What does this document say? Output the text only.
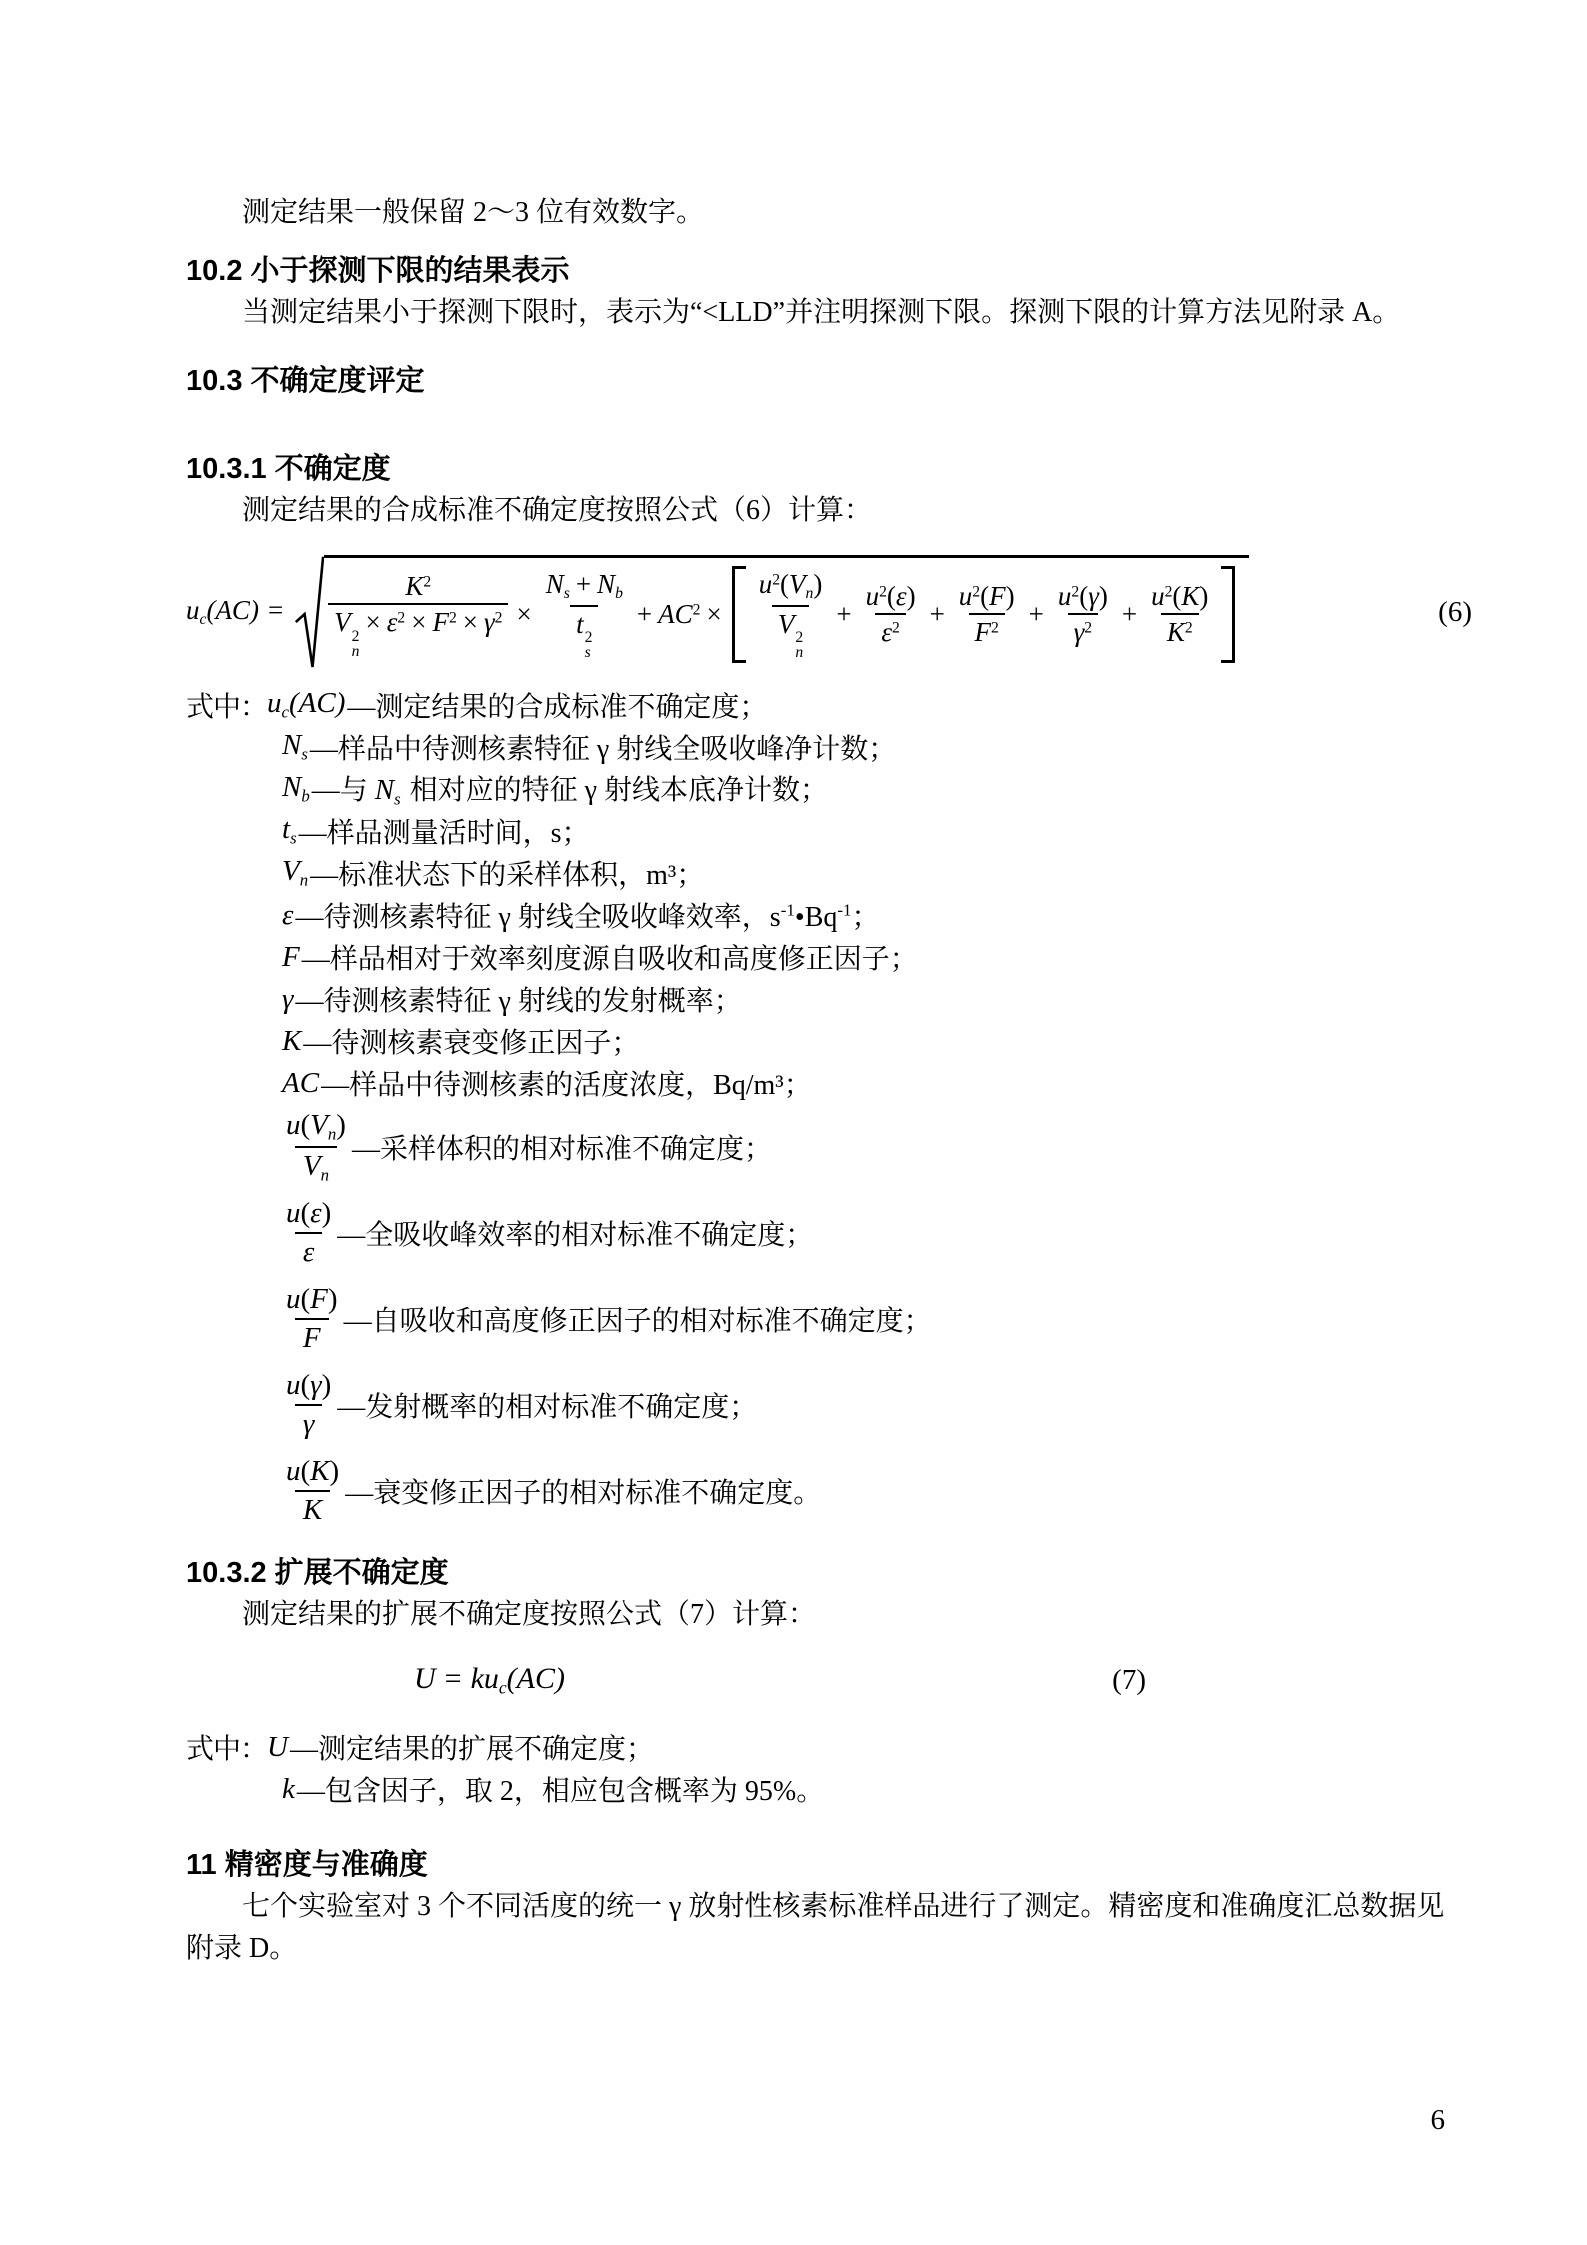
测定结果一般保留 2～3 位有效数字。

10.2 小于探测下限的结果表示

当测定结果小于探测下限时，表示为“<LLD”并注明探测下限。探测下限的计算方法见附录 A。

10.3 不确定度评定
10.3.1 不确定度

测定结果的合成标准不确定度按照公式（6）计算：

uc(AC) =	$K^2$
V 2
n
× $\varepsilon^2 \times F^2 \times \gamma^2 \times Ns + Nb$
t 2
$s + AC^2 \times u^2(Vn)$
V 2
$n + \frac{u^2(\varepsilon)}{\varepsilon^2} + \frac{u^2(F)}{F^2} + \frac{u^2(\gamma)}{\gamma^2} + \frac{u^2(K)}{K^2}$	(6)
式中： uc(AC) —测定结果的合成标准不确定度；
Ns —样品中待测核素特征 γ 射线全吸收峰净计数；
Nb —与 Ns 相对应的特征 γ 射线本底净计数；
ts —样品测量活时间，s；
Vn —标准状态下的采样体积，m³；
ε —待测核素特征 γ 射线全吸收峰效率，$s^{-1}•Bq^{-1}$；
F —样品相对于效率刻度源自吸收和高度修正因子；
γ —待测核素特征 γ 射线的发射概率；
K —待测核素衰变修正因子；
AC —样品中待测核素的活度浓度，Bq/m³；
$\frac{u(Vn)}{Vn}$ —采样体积的相对标准不确定度；
$\frac{u(\varepsilon)}{\varepsilon}$ —全吸收峰效率的相对标准不确定度；
$\frac{u(F)}{F}$ —自吸收和高度修正因子的相对标准不确定度；
$\frac{u(\gamma)}{\gamma}$ —发射概率的相对标准不确定度；
$\frac{u(K)}{K}$ —衰变修正因子的相对标准不确定度。
10.3.2 扩展不确定度

测定结果的扩展不确定度按照公式（7）计算：

U = kuc(AC)	(7)
式中： U —测定结果的扩展不确定度；
k —包含因子，取 2，相应包含概率为 95%。
11 精密度与准确度

七个实验室对 3 个不同活度的统一 γ 放射性核素标准样品进行了测定。精密度和准确度汇总数据见附录 D。

6
